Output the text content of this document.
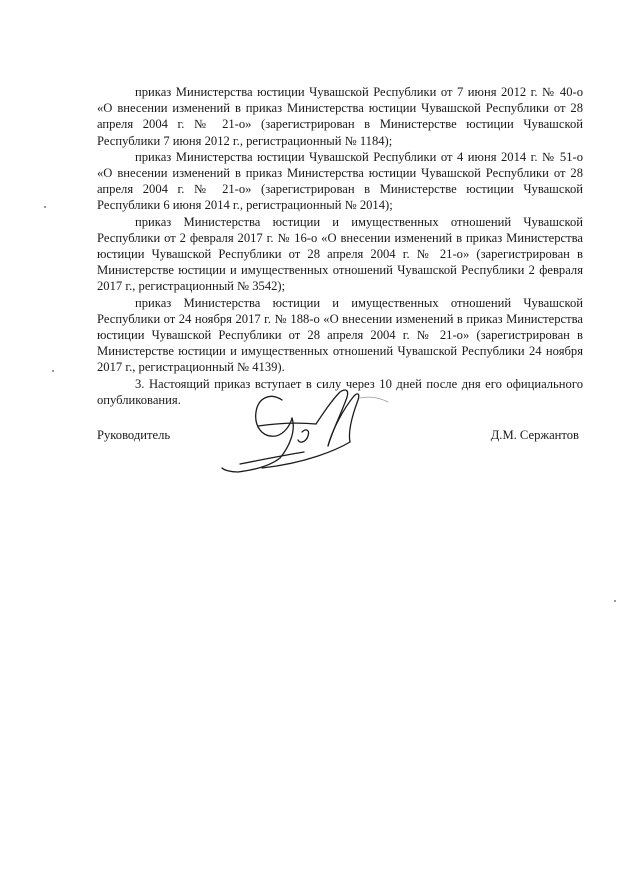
приказ Министерства юстиции Чувашской Республики от 7 июня 2012 г. № 40-о «О внесении изменений в приказ Министерства юстиции Чувашской Республики от 28 апреля 2004 г. № 21-о» (зарегистрирован в Министерстве юстиции Чувашской Республики 7 июня 2012 г., регистрационный № 1184);

приказ Министерства юстиции Чувашской Республики от 4 июня 2014 г. № 51-о «О внесении изменений в приказ Министерства юстиции Чувашской Республики от 28 апреля 2004 г. № 21-о» (зарегистрирован в Министерстве юстиции Чувашской Республики 6 июня 2014 г., регистрационный № 2014);

приказ Министерства юстиции и имущественных отношений Чувашской Республики от 2 февраля 2017 г. № 16-о «О внесении изменений в приказ Министерства юстиции Чувашской Республики от 28 апреля 2004 г. № 21-о» (зарегистрирован в Министерстве юстиции и имущественных отношений Чувашской Республики 2 февраля 2017 г., регистрационный № 3542);

приказ Министерства юстиции и имущественных отношений Чувашской Республики от 24 ноября 2017 г. № 188-о «О внесении изменений в приказ Министерства юстиции Чувашской Республики от 28 апреля 2004 г. № 21-о» (зарегистрирован в Министерстве юстиции и имущественных отношений Чувашской Республики 24 ноября 2017 г., регистрационный № 4139).

3. Настоящий приказ вступает в силу через 10 дней после дня его официального опубликования.

Руководитель	Д.М. Сержантов
